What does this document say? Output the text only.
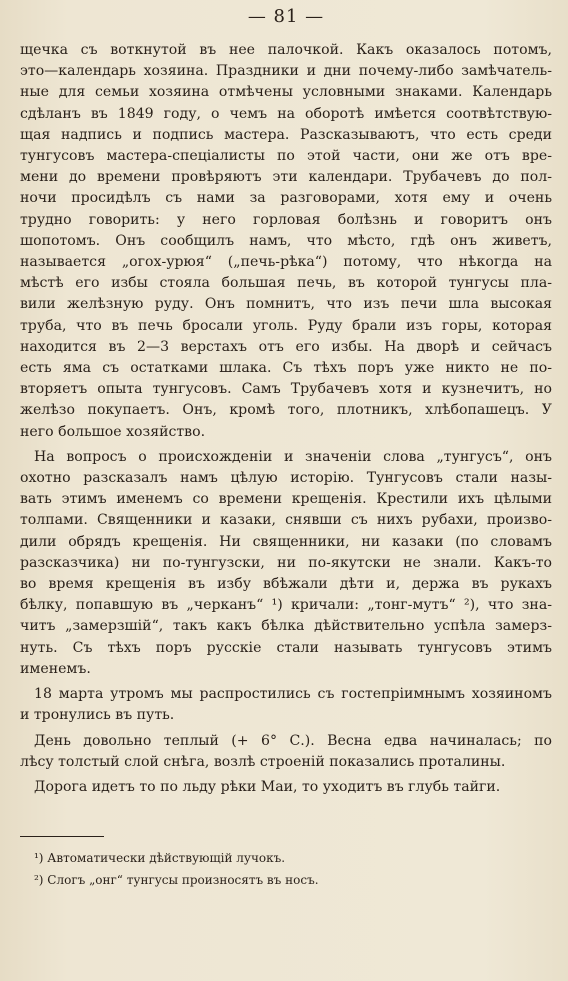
— 81 —
щечка съ воткнутой въ нее палочкой. Какъ оказалось потомъ,
это—календарь хозяина. Праздники и дни почему-либо замѣчатель-
ные для семьи хозяина отмѣчены условными знаками. Календарь
сдѣланъ въ 1849 году, о чемъ на оборотѣ имѣется соотвѣтствую-
щая надпись и подпись мастера. Разсказываютъ, что есть среди
тунгусовъ мастера-спеціалисты по этой части, они же отъ вре-
мени до времени провѣряютъ эти календари. Трубачевъ до пол-
ночи просидѣлъ съ нами за разговорами, хотя ему и очень
трудно говорить: у него горловая болѣзнь и говоритъ онъ
шопотомъ. Онъ сообщилъ намъ, что мѣсто, гдѣ онъ живетъ,
называется „огох-урюя“ („печь-рѣка“) потому, что нѣкогда на
мѣстѣ его избы стояла большая печь, въ которой тунгусы пла-
вили желѣзную руду. Онъ помнитъ, что изъ печи шла высокая
труба, что въ печь бросали уголь. Руду брали изъ горы, которая
находится въ 2—3 верстахъ отъ его избы. На дворѣ и сейчасъ
есть яма съ остатками шлака. Съ тѣхъ поръ уже никто не по-
вторяетъ опыта тунгусовъ. Самъ Трубачевъ хотя и кузнечитъ, но
желѣзо покупаетъ. Онъ, кромѣ того, плотникъ, хлѣбопашецъ. У
него большое хозяйство.
На вопросъ о происхожденіи и значеніи слова „тунгусъ“, онъ
охотно разсказалъ намъ цѣлую исторію. Тунгусовъ стали назы-
вать этимъ именемъ со времени крещенія. Крестили ихъ цѣлыми
толпами. Священники и казаки, снявши съ нихъ рубахи, произво-
дили обрядъ крещенія. Ни священники, ни казаки (по словамъ
разсказчика) ни по-тунгузски, ни по-якутски не знали. Какъ-то
во время крещенія въ избу вбѣжали дѣти и, держа въ рукахъ
бѣлку, попавшую въ „черканъ“ ¹) кричали: „тонг-мутъ“ ²), что зна-
читъ „замерзшій“, такъ какъ бѣлка дѣйствительно успѣла замерз-
нуть. Съ тѣхъ поръ русскіе стали называть тунгусовъ этимъ
именемъ.
18 марта утромъ мы распростились съ гостепріимнымъ хозяиномъ
и тронулись въ путь.
День довольно теплый (+ 6° С.). Весна едва начиналась; по
лѣсу толстый слой снѣга, возлѣ строеній показались проталины.
Дорога идетъ то по льду рѣки Маи, то уходитъ въ глубь тайги.
¹) Автоматически дѣйствующій лучокъ.
²) Слогъ „онг“ тунгусы произносятъ въ носъ.
